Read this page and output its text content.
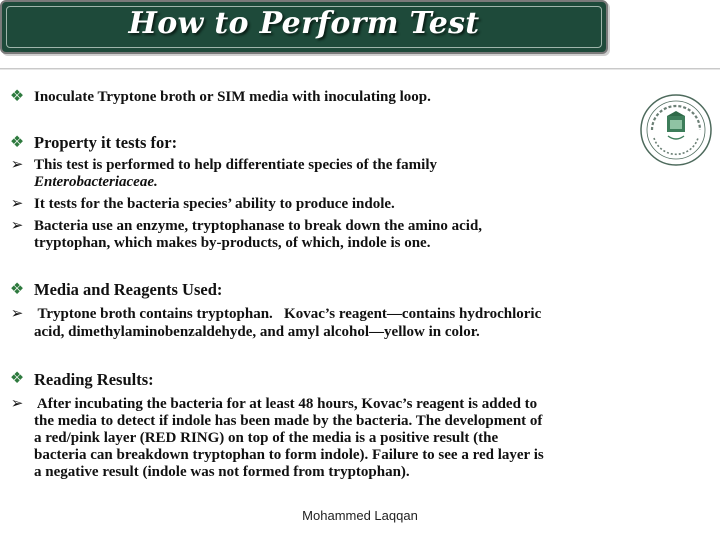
How to Perform Test
❖ Inoculate Tryptone broth or SIM media with inoculating loop.
❖ Property it tests for:
➢ This test is performed to help differentiate species of the family
Enterobacteriaceae.
➢ It tests for the bacteria species’ ability to produce indole.
➢ Bacteria use an enzyme, tryptophanase to break down the amino acid,
tryptophan, which makes by-products, of which, indole is one.
❖ Media and Reagents Used:
➢ Tryptone broth contains tryptophan.   Kovac’s reagent—contains hydrochloric
acid, dimethylaminobenzaldehyde, and amyl alcohol—yellow in color.
❖ Reading Results:
➢ After incubating the bacteria for at least 48 hours, Kovac’s reagent is added to
the media to detect if indole has been made by the bacteria. The development of
a red/pink layer (RED RING) on top of the media is a positive result (the
bacteria can breakdown tryptophan to form indole). Failure to see a red layer is
a negative result (indole was not formed from tryptophan).
Mohammed Laqqan
